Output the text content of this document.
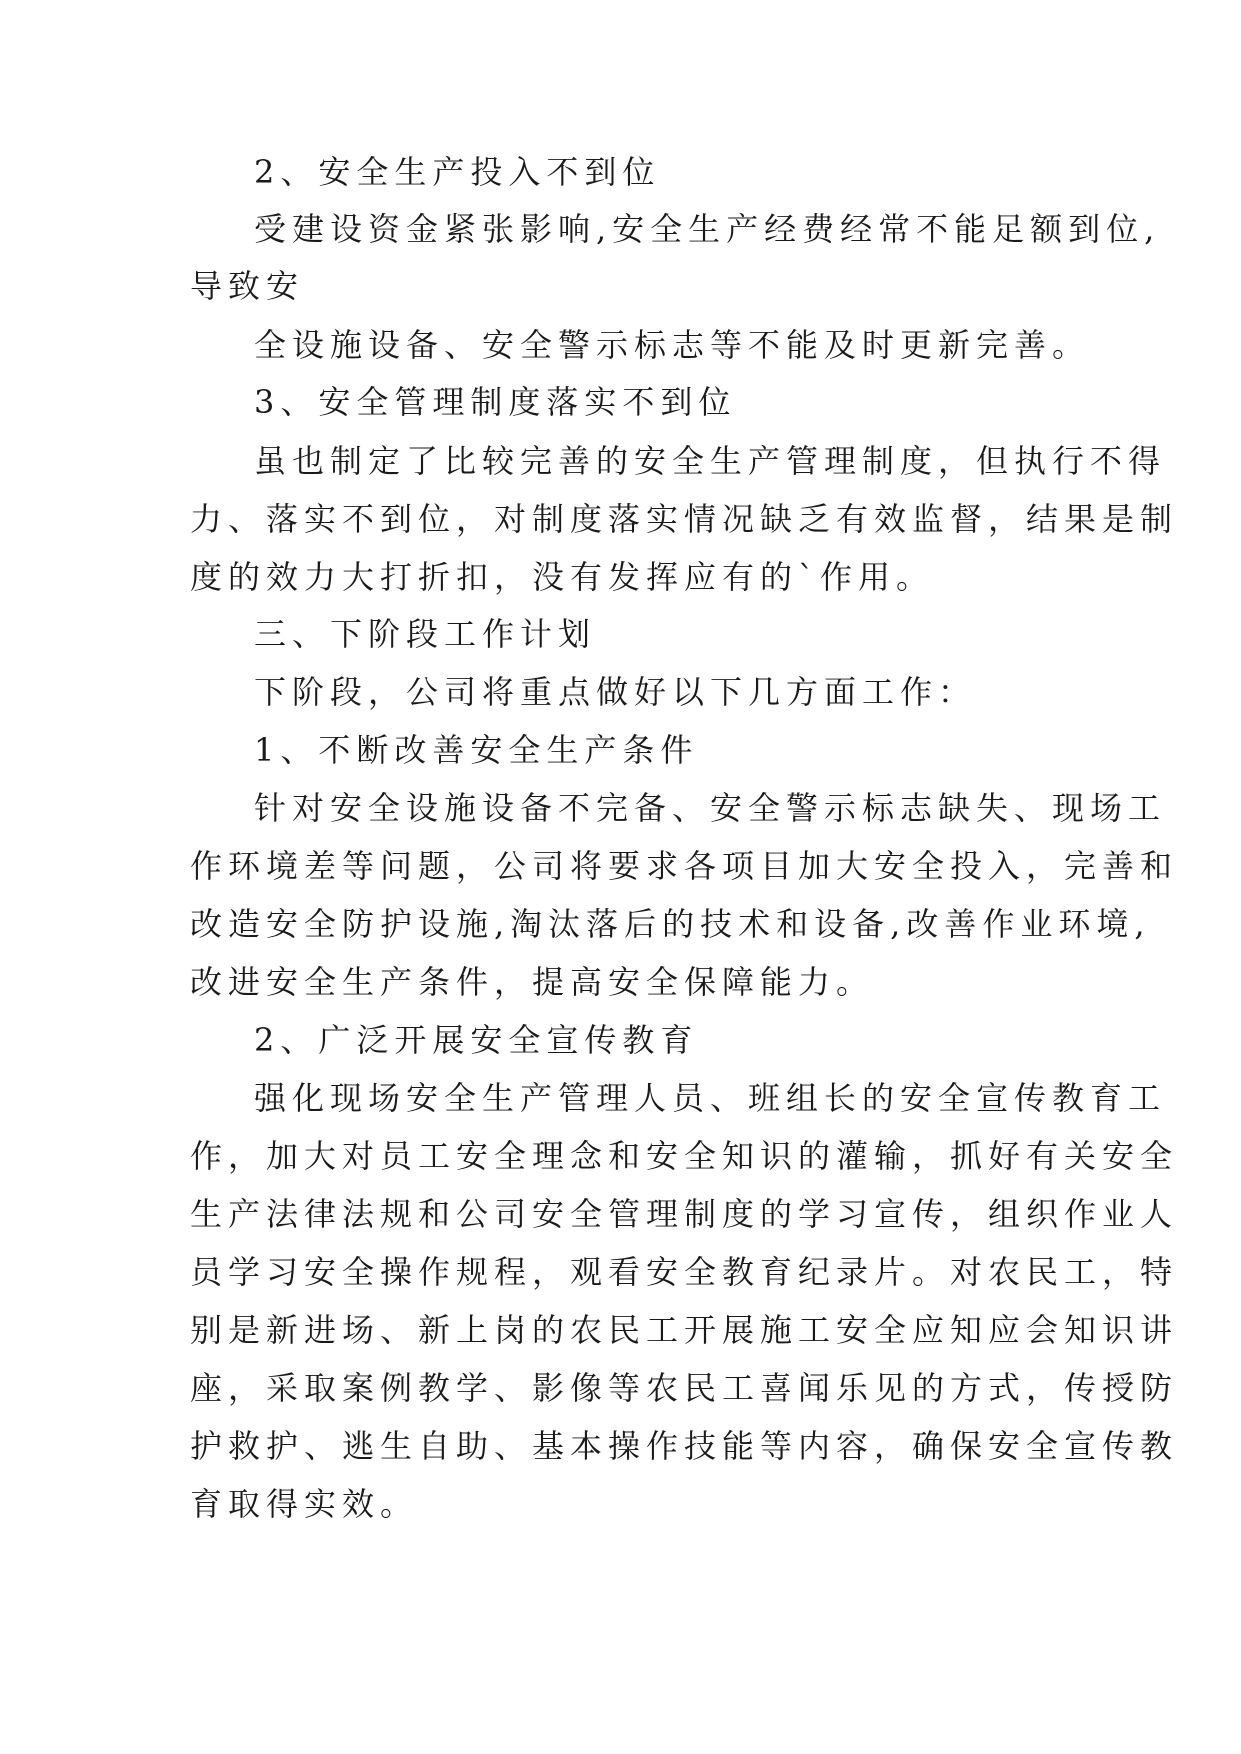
2、安全生产投入不到位
受建设资金紧张影响,安全生产经费经常不能足额到位,
导致安
全设施设备、安全警示标志等不能及时更新完善。
3、安全管理制度落实不到位
虽也制定了比较完善的安全生产管理制度，但执行不得
力、落实不到位，对制度落实情况缺乏有效监督，结果是制
度的效力大打折扣，没有发挥应有的`作用。
三、下阶段工作计划
下阶段，公司将重点做好以下几方面工作：
1、不断改善安全生产条件
针对安全设施设备不完备、安全警示标志缺失、现场工
作环境差等问题，公司将要求各项目加大安全投入，完善和
改造安全防护设施,淘汰落后的技术和设备,改善作业环境,
改进安全生产条件，提高安全保障能力。
2、广泛开展安全宣传教育
强化现场安全生产管理人员、班组长的安全宣传教育工
作，加大对员工安全理念和安全知识的灌输，抓好有关安全
生产法律法规和公司安全管理制度的学习宣传，组织作业人
员学习安全操作规程，观看安全教育纪录片。对农民工，特
别是新进场、新上岗的农民工开展施工安全应知应会知识讲
座，采取案例教学、影像等农民工喜闻乐见的方式，传授防
护救护、逃生自助、基本操作技能等内容，确保安全宣传教
育取得实效。
